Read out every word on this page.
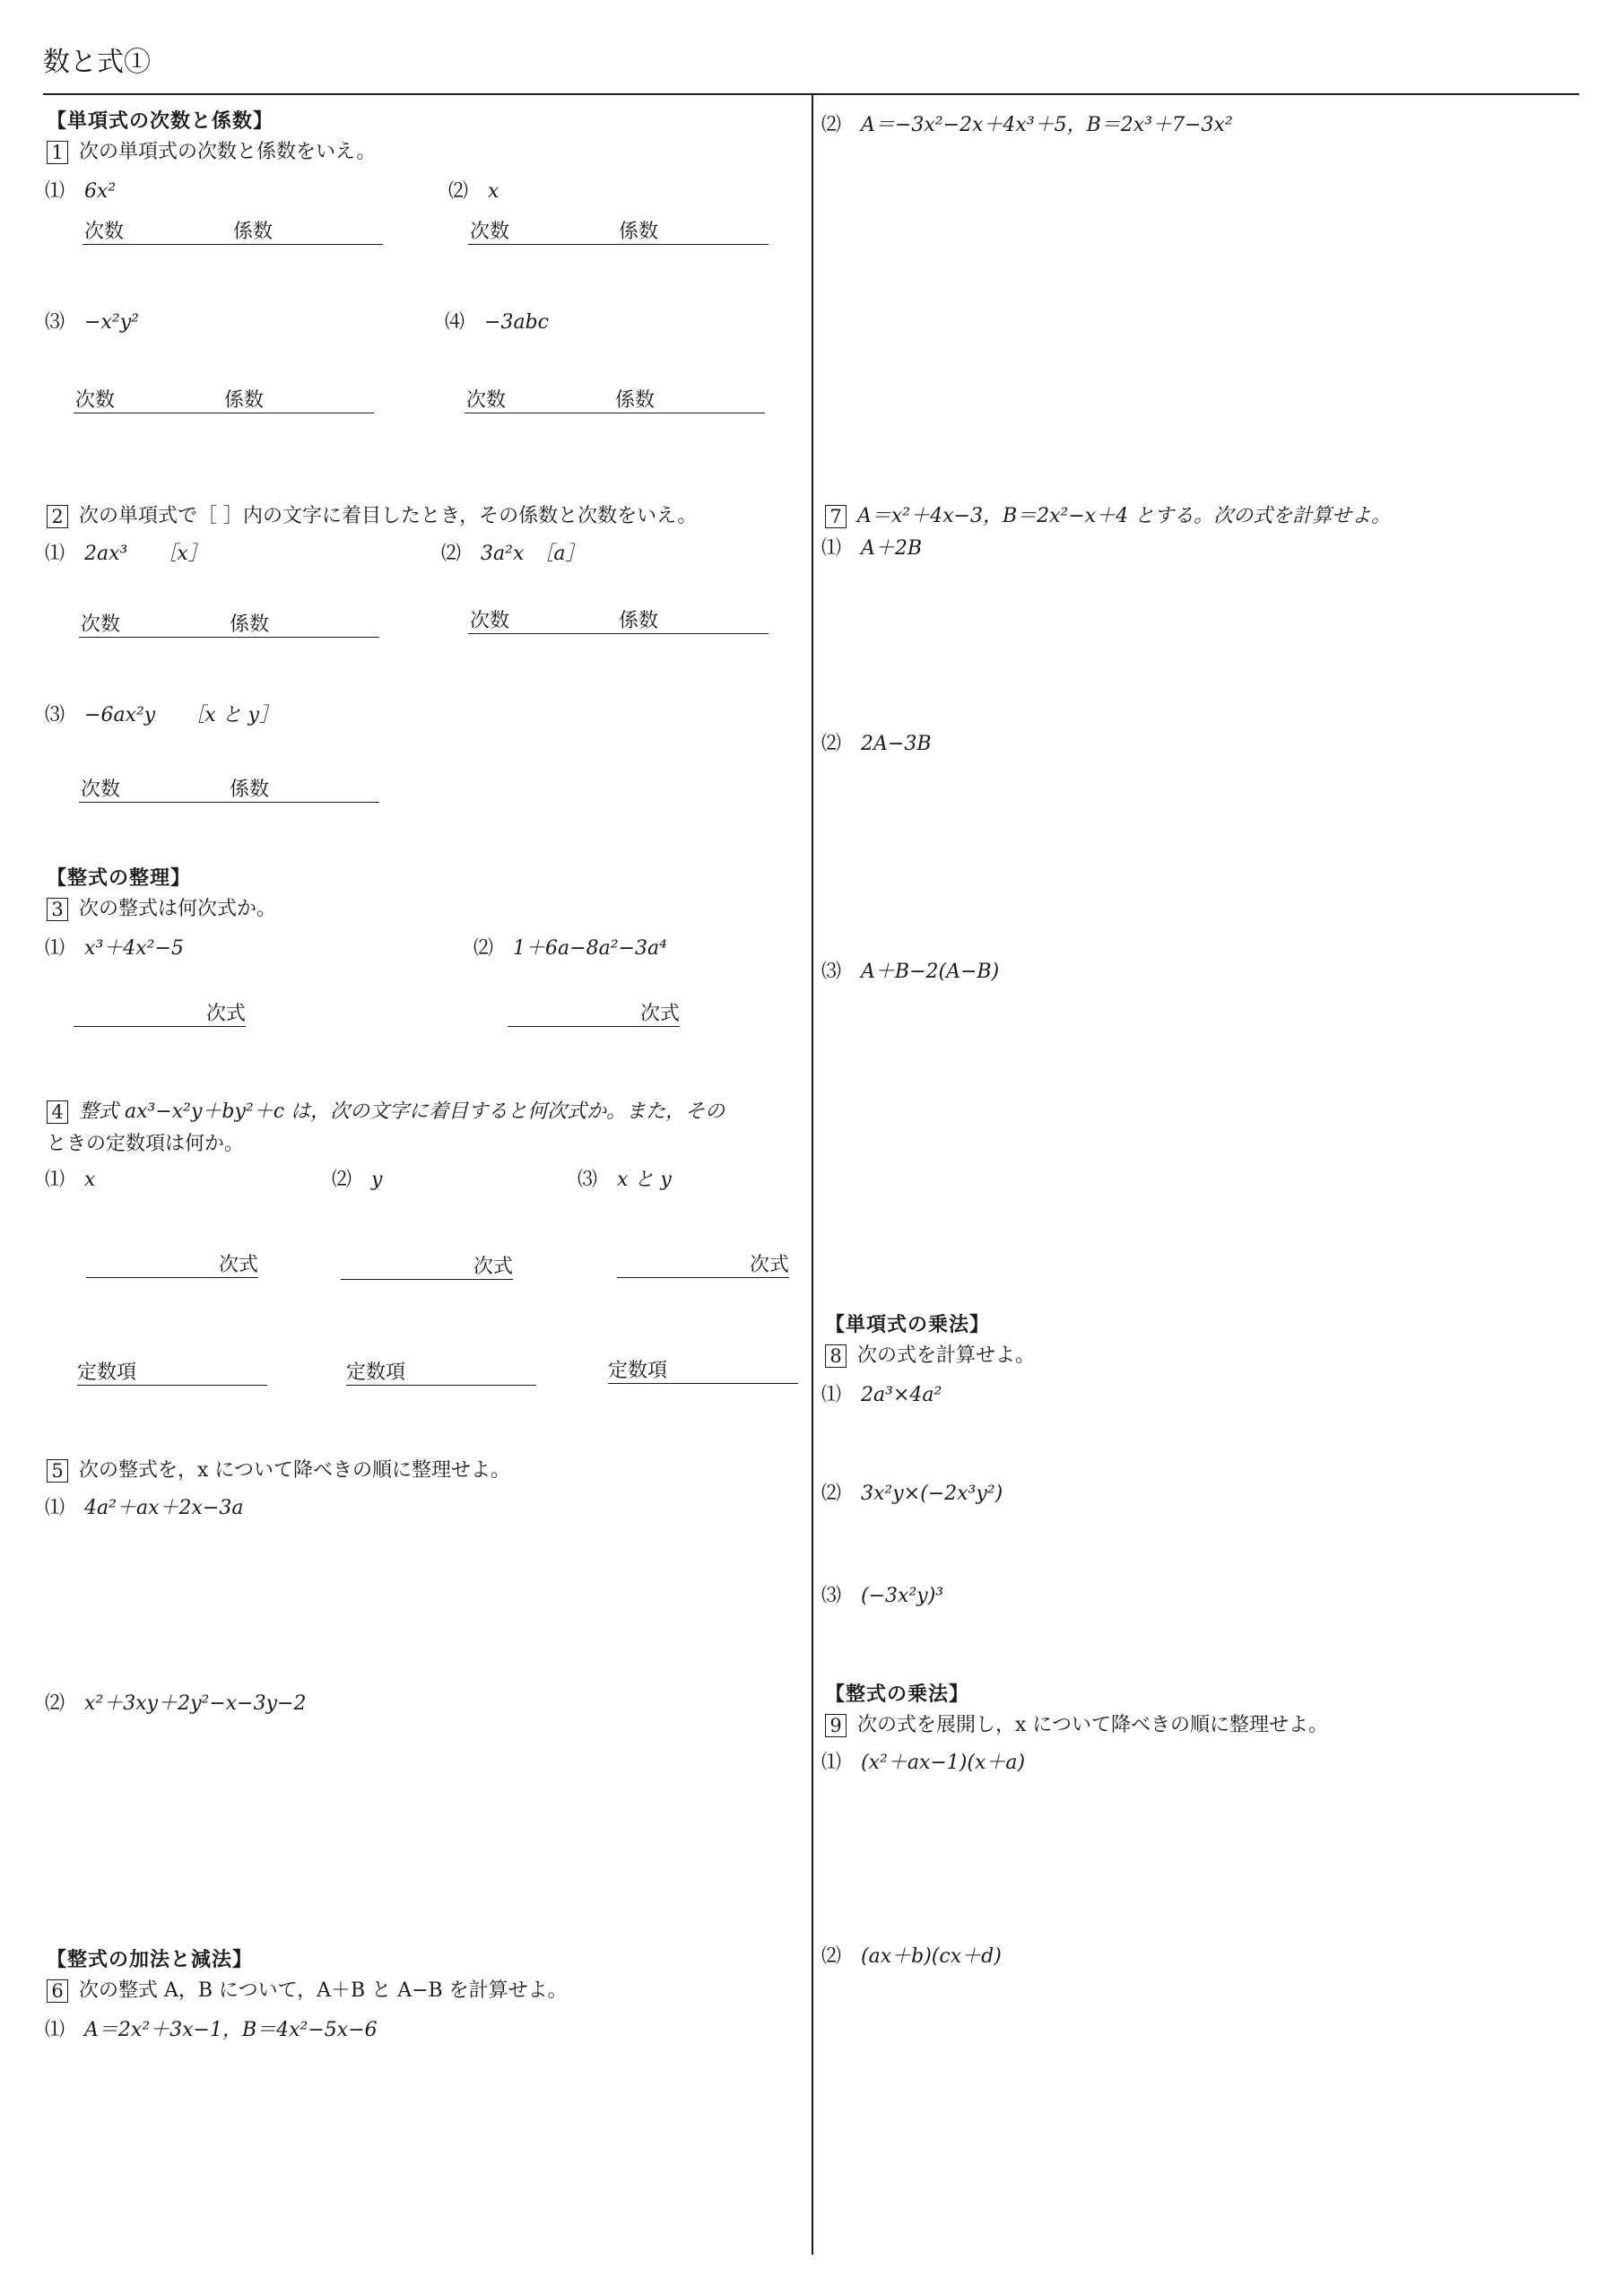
数と式①
【単項式の次数と係数】
1 次の単項式の次数と係数をいえ。
⑴　 6x²	⑵　 x
次数	係数	次数	係数
⑶　 −x²y²	⑷　 −3abc
次数	係数	次数	係数
2 次の単項式で［ ］内の文字に着目したとき，その係数と次数をいえ。
⑴　 2ax³　　 ［x］	⑵　 3a²x　 ［a］
次数	係数	次数	係数
⑶　 −6ax²y　　 ［x と y］
次数	係数
【整式の整理】
3 次の整式は何次式か。
⑴　 x³＋4x²−5	⑵　 1＋6a−8a²−3a⁴
次式	次式
4 整式 ax³−x²y＋by²＋c は，次の文字に着目すると何次式か。また，その
ときの定数項は何か。
⑴　 x	⑵　 y	⑶　 x と y
次式	次式	次式
定数項	定数項	定数項
5 次の整式を，x について降べきの順に整理せよ。
⑴　 4a²＋ax＋2x−3a
⑵　 x²＋3xy＋2y²−x−3y−2
【整式の加法と減法】
6 次の整式 A，B について，A＋B と A−B を計算せよ。
⑴　 A＝2x²＋3x−1，B＝4x²−5x−6
⑵　 A＝−3x²−2x＋4x³＋5，B＝2x³＋7−3x²
7 A＝x²＋4x−3，B＝2x²−x＋4 とする。次の式を計算せよ。
⑴　 A＋2B
⑵　 2A−3B
⑶　 A＋B−2(A−B)
【単項式の乗法】
8 次の式を計算せよ。
⑴　 2a³×4a²
⑵　 3x²y×(−2x³y²)
⑶　 (−3x²y)³
【整式の乗法】
9 次の式を展開し，x について降べきの順に整理せよ。
⑴　 (x²＋ax−1)(x＋a)
⑵　 (ax＋b)(cx＋d)
